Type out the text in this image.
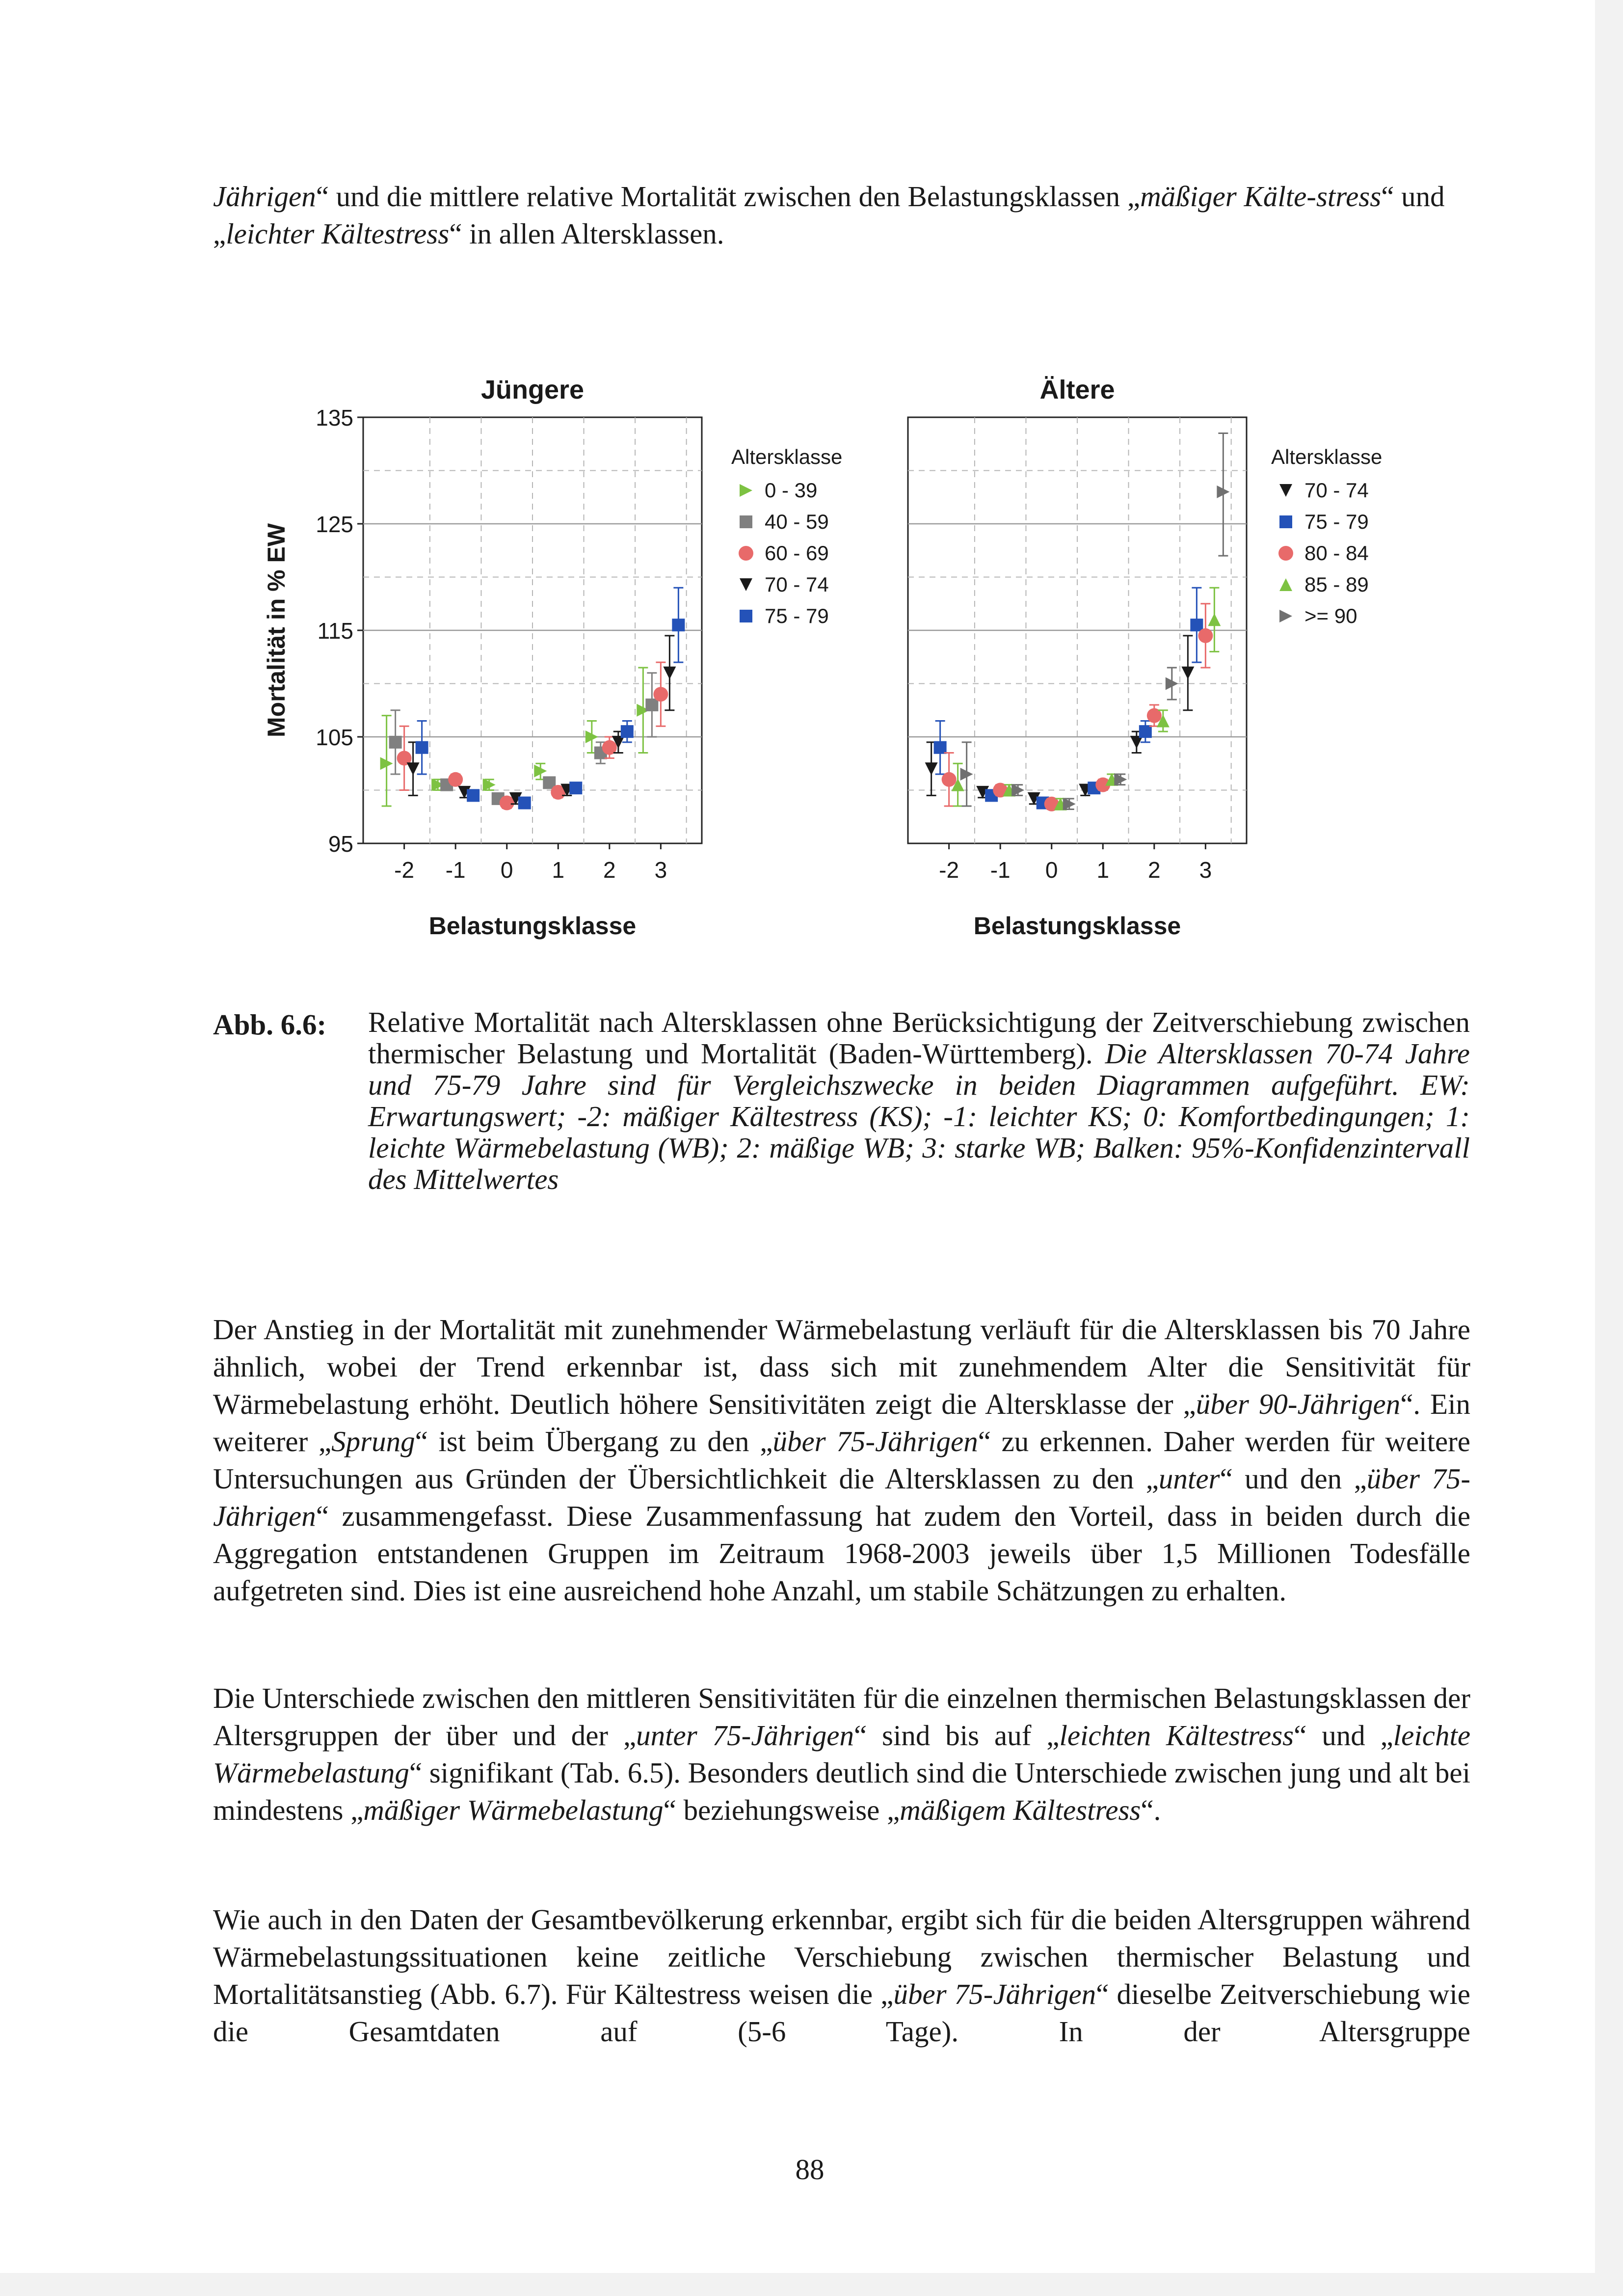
Jährigen“ und die mittlere relative Mortalität zwischen den Belastungsklassen „mäßiger Kälte-stress“ und „leichter Kältestress“ in allen Altersklassen.

Jüngere
95
105
115
125
135
Mortalität in % EW
-2 -1 0 1 2 3
Belastungsklasse
Altersklasse
0 - 39
40 - 59
60 - 69
70 - 74
75 - 79
Ältere
-2 -1 0 1 2 3
Belastungsklasse
Altersklasse
70 - 74
75 - 79
80 - 84
85 - 89
>= 90
Abb. 6.6: Relative Mortalität nach Altersklassen ohne Berücksichtigung der Zeitverschiebung zwischen thermischer Belastung und Mortalität (Baden-Württemberg). Die Altersklassen 70-74 Jahre und 75-79 Jahre sind für Vergleichszwecke in beiden Diagrammen aufgeführt. EW: Erwartungswert; -2: mäßiger Kältestress (KS); -1: leichter KS; 0: Komfortbedingungen; 1: leichte Wärmebelastung (WB); 2: mäßige WB; 3: starke WB; Balken: 95%-Konfidenzintervall des Mittelwertes

Der Anstieg in der Mortalität mit zunehmender Wärmebelastung verläuft für die Altersklassen bis 70 Jahre ähnlich, wobei der Trend erkennbar ist, dass sich mit zunehmendem Alter die Sensitivität für Wärmebelastung erhöht. Deutlich höhere Sensitivitäten zeigt die Altersklasse der „über 90-Jährigen“. Ein weiterer „Sprung“ ist beim Übergang zu den „über 75-Jährigen“ zu erkennen. Daher werden für weitere Untersuchungen aus Gründen der Übersichtlichkeit die Altersklassen zu den „unter“ und den „über 75-Jährigen“ zusammengefasst. Diese Zusammenfassung hat zudem den Vorteil, dass in beiden durch die Aggregation entstandenen Gruppen im Zeitraum 1968-2003 jeweils über 1,5 Millionen Todesfälle aufgetreten sind. Dies ist eine ausreichend hohe Anzahl, um stabile Schätzungen zu erhalten.

Die Unterschiede zwischen den mittleren Sensitivitäten für die einzelnen thermischen Belastungsklassen der Altersgruppen der über und der „unter 75-Jährigen“ sind bis auf „leichten Kältestress“ und „leichte Wärmebelastung“ signifikant (Tab. 6.5). Besonders deutlich sind die Unterschiede zwischen jung und alt bei mindestens „mäßiger Wärmebelastung“ beziehungsweise „mäßigem Kältestress“.

Wie auch in den Daten der Gesamtbevölkerung erkennbar, ergibt sich für die beiden Altersgruppen während Wärmebelastungssituationen keine zeitliche Verschiebung zwischen thermischer Belastung und Mortalitätsanstieg (Abb. 6.7). Für Kältestress weisen die „über 75-Jährigen“ dieselbe Zeitverschiebung wie die Gesamtdaten auf (5-6 Tage). In der Altersgruppe

88
